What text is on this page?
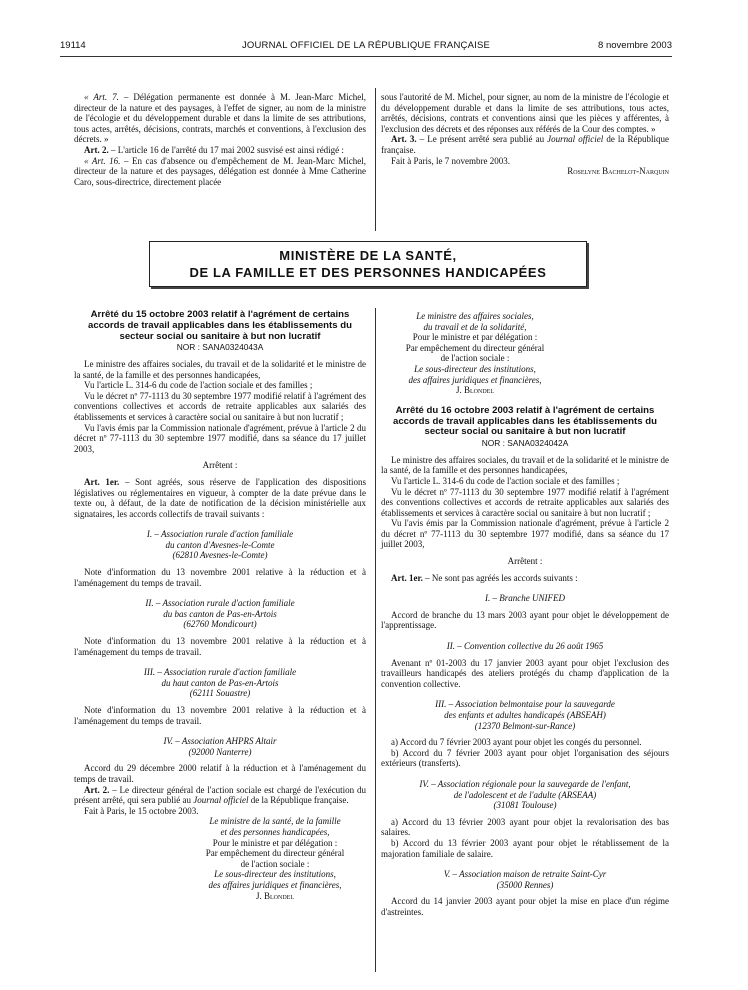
19114	JOURNAL OFFICIEL DE LA RÉPUBLIQUE FRANÇAISE	8 novembre 2003

« Art. 7. – Délégation permanente est donnée à M. Jean-Marc Michel, directeur de la nature et des paysages, à l'effet de signer, au nom de la ministre de l'écologie et du développement durable et dans la limite de ses attributions, tous actes, arrêtés, décisions, contrats, marchés et conventions, à l'exclusion des décrets. »

Art. 2. – L'article 16 de l'arrêté du 17 mai 2002 susvisé est ainsi rédigé :

« Art. 16. – En cas d'absence ou d'empêchement de M. Jean-Marc Michel, directeur de la nature et des paysages, délégation est donnée à Mme Catherine Caro, sous-directrice, directement placée

sous l'autorité de M. Michel, pour signer, au nom de la ministre de l'écologie et du développement durable et dans la limite de ses attributions, tous actes, arrêtés, décisions, contrats et conventions ainsi que les pièces y afférentes, à l'exclusion des décrets et des réponses aux référés de la Cour des comptes. »

Art. 3. – Le présent arrêté sera publié au Journal officiel de la République française.

Fait à Paris, le 7 novembre 2003.

Roselyne Bachelot-Narquin

MINISTÈRE DE LA SANTÉ,
DE LA FAMILLE ET DES PERSONNES HANDICAPÉES
Arrêté du 15 octobre 2003 relatif à l'agrément de certains accords de travail applicables dans les établissements du secteur social ou sanitaire à but non lucratif
NOR : SANA0324043A

Le ministre des affaires sociales, du travail et de la solidarité et le ministre de la santé, de la famille et des personnes handicapées,

Vu l'article L. 314-6 du code de l'action sociale et des familles ;

Vu le décret nº 77-1113 du 30 septembre 1977 modifié relatif à l'agrément des conventions collectives et accords de retraite applicables aux salariés des établissements et services à caractère social ou sanitaire à but non lucratif ;

Vu l'avis émis par la Commission nationale d'agrément, prévue à l'article 2 du décret nº 77-1113 du 30 septembre 1977 modifié, dans sa séance du 17 juillet 2003,

Arrêtent :

Art. 1er. – Sont agréés, sous réserve de l'application des dispositions législatives ou réglementaires en vigueur, à compter de la date prévue dans le texte ou, à défaut, de la date de notification de la décision ministérielle aux signataires, les accords collectifs de travail suivants :

I. – Association rurale d'action familiale

du canton d'Avesnes-le-Comte

(62810 Avesnes-le-Comte)

Note d'information du 13 novembre 2001 relative à la réduction et à l'aménagement du temps de travail.

II. – Association rurale d'action familiale

du bas canton de Pas-en-Artois

(62760 Mondicourt)

Note d'information du 13 novembre 2001 relative à la réduction et à l'aménagement du temps de travail.

III. – Association rurale d'action familiale

du haut canton de Pas-en-Artois

(62111 Souastre)

Note d'information du 13 novembre 2001 relative à la réduction et à l'aménagement du temps de travail.

IV. – Association AHPRS Altair

(92000 Nanterre)

Accord du 29 décembre 2000 relatif à la réduction et à l'aménagement du temps de travail.

Art. 2. – Le directeur général de l'action sociale est chargé de l'exécution du présent arrêté, qui sera publié au Journal officiel de la République française.

Fait à Paris, le 15 octobre 2003.

Le ministre de la santé, de la famille

et des personnes handicapées,

Pour le ministre et par délégation :

Par empêchement du directeur général

de l'action sociale :

Le sous-directeur des institutions,

des affaires juridiques et financières,

J. Blondel

Le ministre des affaires sociales,

du travail et de la solidarité,

Pour le ministre et par délégation :

Par empêchement du directeur général

de l'action sociale :

Le sous-directeur des institutions,

des affaires juridiques et financières,

J. Blondel

Arrêté du 16 octobre 2003 relatif à l'agrément de certains accords de travail applicables dans les établissements du secteur social ou sanitaire à but non lucratif
NOR : SANA0324042A

Le ministre des affaires sociales, du travail et de la solidarité et le ministre de la santé, de la famille et des personnes handicapées,

Vu l'article L. 314-6 du code de l'action sociale et des familles ;

Vu le décret nº 77-1113 du 30 septembre 1977 modifié relatif à l'agrément des conventions collectives et accords de retraite applicables aux salariés des établissements et services à caractère social ou sanitaire à but non lucratif ;

Vu l'avis émis par la Commission nationale d'agrément, prévue à l'article 2 du décret nº 77-1113 du 30 septembre 1977 modifié, dans sa séance du 17 juillet 2003,

Arrêtent :

Art. 1er. – Ne sont pas agréés les accords suivants :

I. – Branche UNIFED

Accord de branche du 13 mars 2003 ayant pour objet le développement de l'apprentissage.

II. – Convention collective du 26 août 1965

Avenant nº 01-2003 du 17 janvier 2003 ayant pour objet l'exclusion des travailleurs handicapés des ateliers protégés du champ d'application de la convention collective.

III. – Association belmontaise pour la sauvegarde

des enfants et adultes handicapés (ABSEAH)

(12370 Belmont-sur-Rance)

a) Accord du 7 février 2003 ayant pour objet les congés du personnel.

b) Accord du 7 février 2003 ayant pour objet l'organisation des séjours extérieurs (transferts).

IV. – Association régionale pour la sauvegarde de l'enfant,

de l'adolescent et de l'adulte (ARSEAA)

(31081 Toulouse)

a) Accord du 13 février 2003 ayant pour objet la revalorisation des bas salaires.

b) Accord du 13 février 2003 ayant pour objet le rétablissement de la majoration familiale de salaire.

V. – Association maison de retraite Saint-Cyr

(35000 Rennes)

Accord du 14 janvier 2003 ayant pour objet la mise en place d'un régime d'astreintes.
